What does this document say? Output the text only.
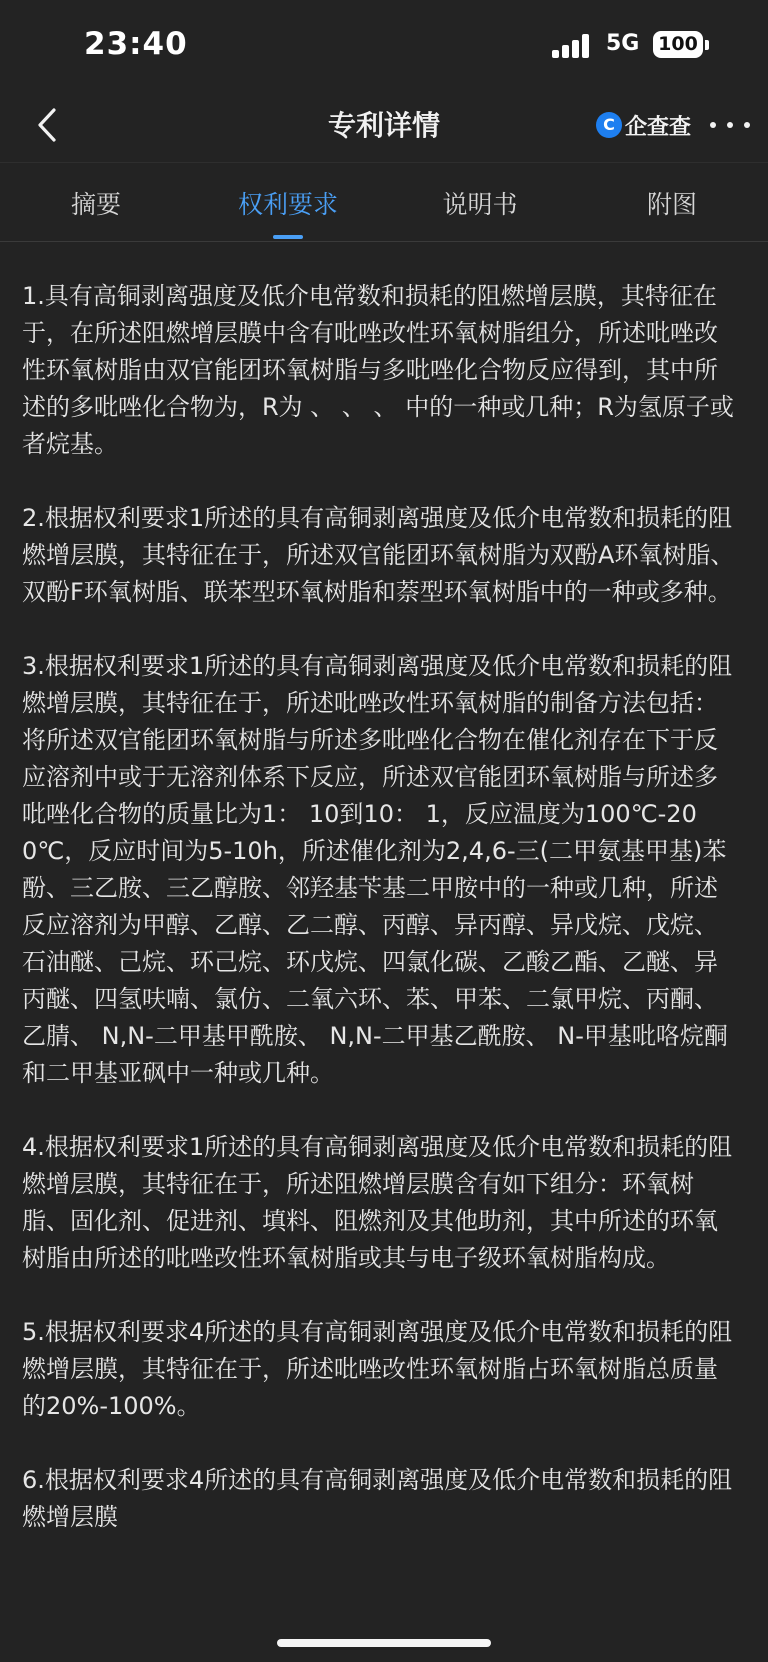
23:40	5G 100
专利详情	C 企查查
摘要	权利要求	说明书	附图

1.具有高铜剥离强度及低介电常数和损耗的阻燃增层膜，其特征在于，在所述阻燃增层膜中含有吡唑改性环氧树脂组分，所述吡唑改性环氧树脂由双官能团环氧树脂与多吡唑化合物反应得到，其中所述的多吡唑化合物为，R为 、 、 、 中的一种或几种；R为氢原子或者烷基。

2.根据权利要求1所述的具有高铜剥离强度及低介电常数和损耗的阻燃增层膜，其特征在于，所述双官能团环氧树脂为双酚A环氧树脂、双酚F环氧树脂、联苯型环氧树脂和萘型环氧树脂中的一种或多种。

3.根据权利要求1所述的具有高铜剥离强度及低介电常数和损耗的阻燃增层膜，其特征在于，所述吡唑改性环氧树脂的制备方法包括：将所述双官能团环氧树脂与所述多吡唑化合物在催化剂存在下于反应溶剂中或于无溶剂体系下反应，所述双官能团环氧树脂与所述多吡唑化合物的质量比为1： 10到10： 1，反应温度为100℃-200℃，反应时间为5-10h，所述催化剂为2,4,6-三(二甲氨基甲基)苯酚、三乙胺、三乙醇胺、邻羟基苄基二甲胺中的一种或几种，所述反应溶剂为甲醇、乙醇、乙二醇、丙醇、异丙醇、异戊烷、戊烷、石油醚、己烷、环己烷、环戊烷、四氯化碳、乙酸乙酯、乙醚、异丙醚、四氢呋喃、氯仿、二氧六环、苯、甲苯、二氯甲烷、丙酮、乙腈、 N,N-二甲基甲酰胺、 N,N-二甲基乙酰胺、 N-甲基吡咯烷酮和二甲基亚砜中一种或几种。

4.根据权利要求1所述的具有高铜剥离强度及低介电常数和损耗的阻燃增层膜，其特征在于，所述阻燃增层膜含有如下组分：环氧树脂、固化剂、促进剂、填料、阻燃剂及其他助剂，其中所述的环氧树脂由所述的吡唑改性环氧树脂或其与电子级环氧树脂构成。

5.根据权利要求4所述的具有高铜剥离强度及低介电常数和损耗的阻燃增层膜，其特征在于，所述吡唑改性环氧树脂占环氧树脂总质量的20%-100%。

6.根据权利要求4所述的具有高铜剥离强度及低介电常数和损耗的阻燃增层膜
